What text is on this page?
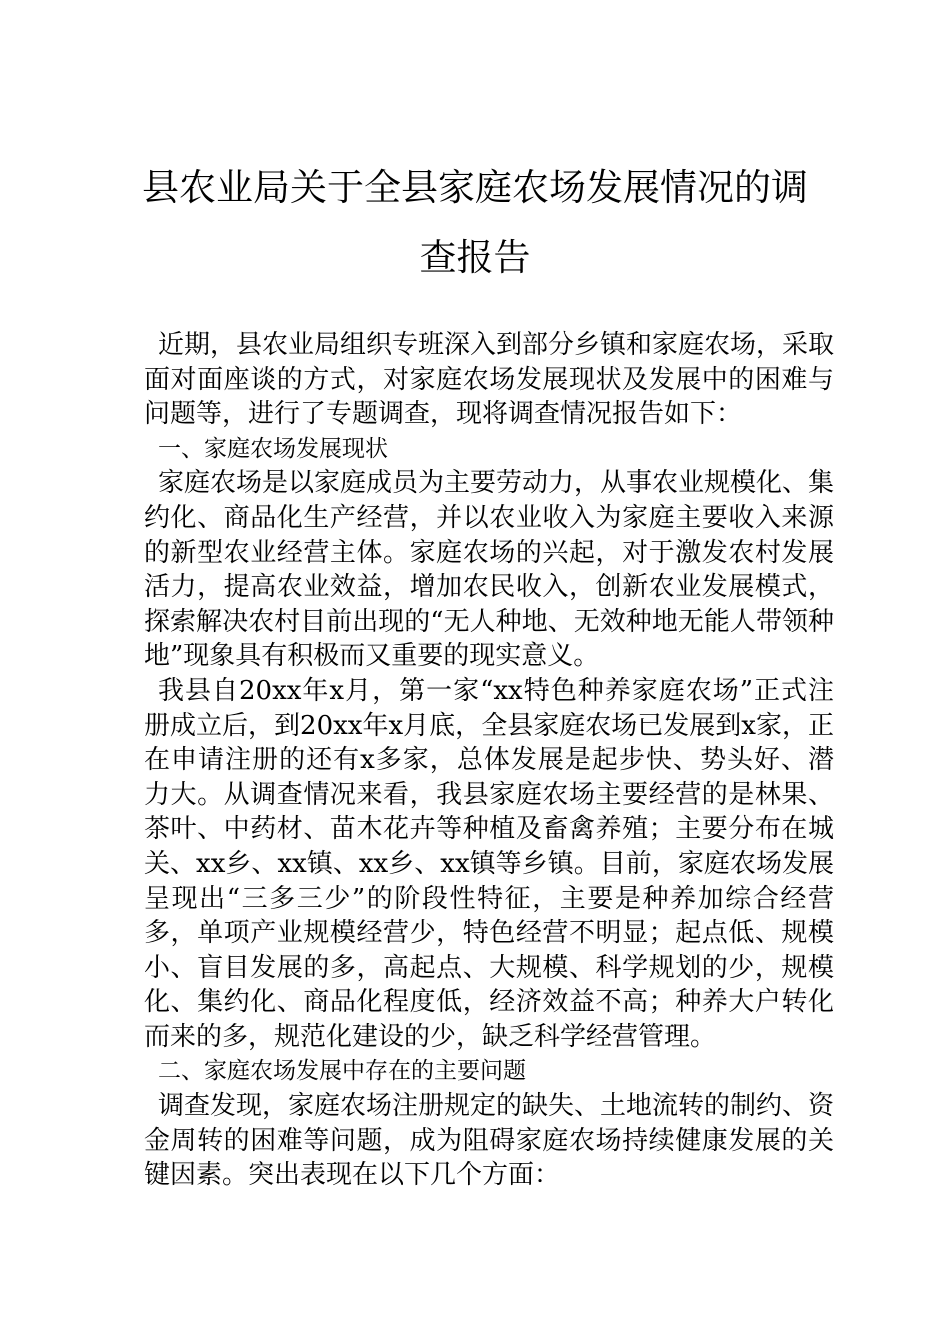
县农业局关于全县家庭农场发展情况的调
查报告

近期，县农业局组织专班深入到部分乡镇和家庭农场，采取面对面座谈的方式，对家庭农场发展现状及发展中的困难与问题等，进行了专题调查，现将调查情况报告如下：

一、家庭农场发展现状

家庭农场是以家庭成员为主要劳动力，从事农业规模化、集约化、商品化生产经营，并以农业收入为家庭主要收入来源的新型农业经营主体。家庭农场的兴起，对于激发农村发展活力，提高农业效益，增加农民收入，创新农业发展模式，探索解决农村目前出现的“无人种地、无效种地无能人带领种地”现象具有积极而又重要的现实意义。

我县自20xx年x月，第一家“xx特色种养家庭农场”正式注册成立后，到20xx年x月底，全县家庭农场已发展到x家，正在申请注册的还有x多家，总体发展是起步快、势头好、潜力大。从调查情况来看，我县家庭农场主要经营的是林果、茶叶、中药材、苗木花卉等种植及畜禽养殖；主要分布在城关、xx乡、xx镇、xx乡、xx镇等乡镇。目前，家庭农场发展呈现出“三多三少”的阶段性特征，主要是种养加综合经营多，单项产业规模经营少，特色经营不明显；起点低、规模小、盲目发展的多，高起点、大规模、科学规划的少，规模化、集约化、商品化程度低，经济效益不高；种养大户转化而来的多，规范化建设的少，缺乏科学经营管理。

二、家庭农场发展中存在的主要问题

调查发现，家庭农场注册规定的缺失、土地流转的制约、资金周转的困难等问题，成为阻碍家庭农场持续健康发展的关键因素。突出表现在以下几个方面：
